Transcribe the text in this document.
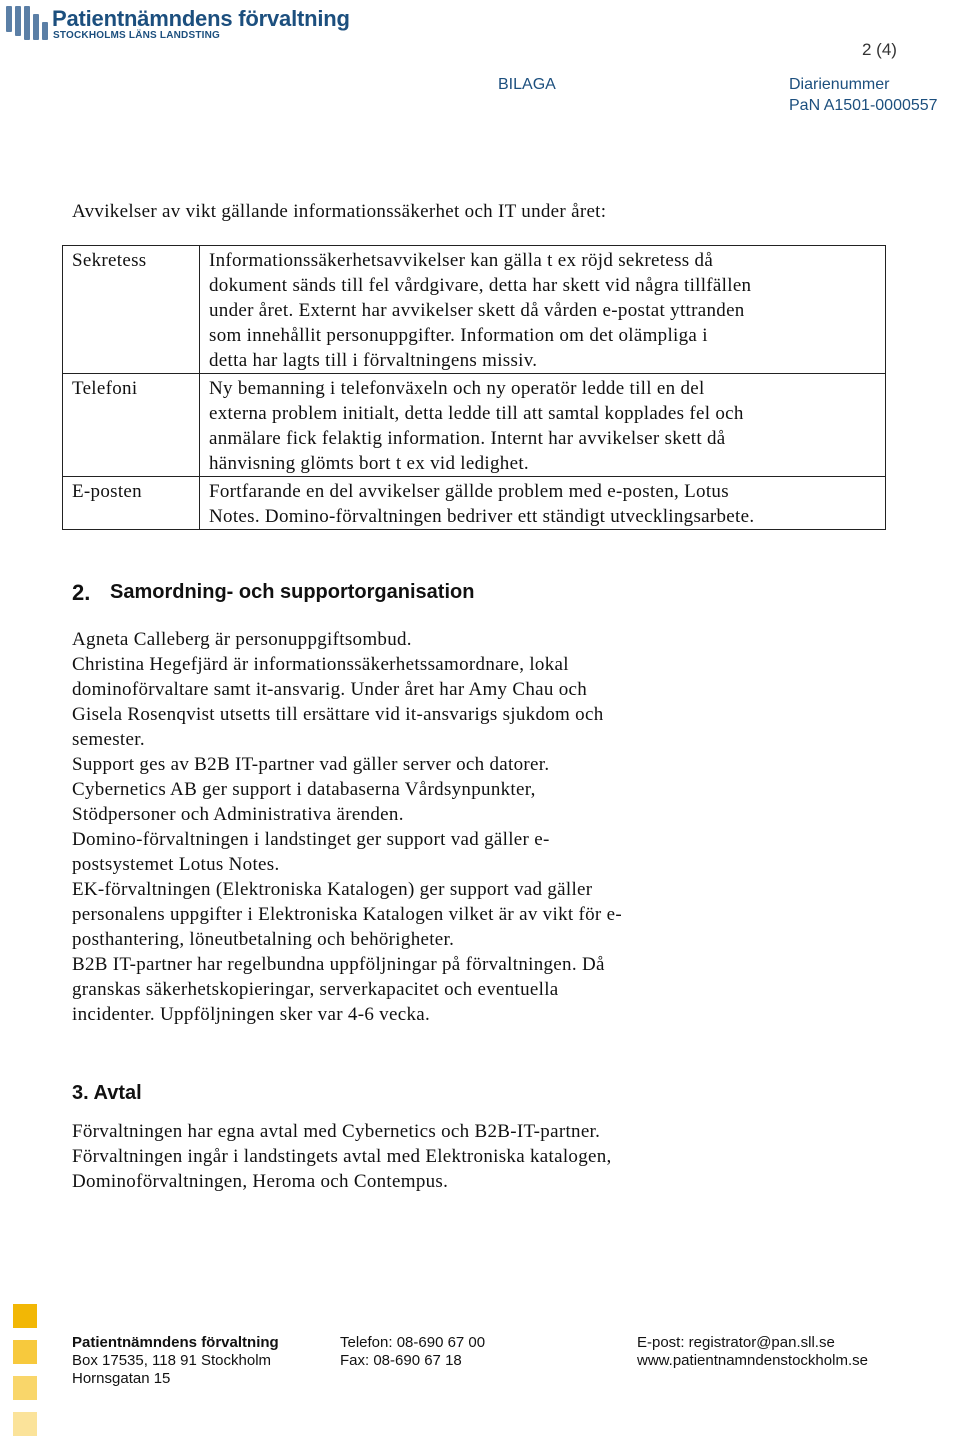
Patientnämndens förvaltning
STOCKHOLMS LÄNS LANDSTING
2 (4)
BILAGA	Diarienummer
PaN A1501-0000557
Avvikelser av vikt gällande informationssäkerhet och IT under året:
Sekretess	Informationssäkerhetsavvikelser kan gälla t ex röjd sekretess då
dokument sänds till fel vårdgivare, detta har skett vid några tillfällen
under året. Externt har avvikelser skett då vården e-postat yttranden
som innehållit personuppgifter. Information om det olämpliga i
detta har lagts till i förvaltningens missiv.

Telefoni	Ny bemanning i telefonväxeln och ny operatör ledde till en del
externa problem initialt, detta ledde till att samtal kopplades fel och
anmälare fick felaktig information. Internt har avvikelser skett då
hänvisning glömts bort t ex vid ledighet.

E-posten	Fortfarande en del avvikelser gällde problem med e-posten, Lotus
Notes. Domino-förvaltningen bedriver ett ständigt utvecklingsarbete.
2. Samordning- och supportorganisation
Agneta Calleberg är personuppgiftsombud.
Christina Hegefjärd är informationssäkerhetssamordnare, lokal
dominoförvaltare samt it-ansvarig. Under året har Amy Chau och
Gisela Rosenqvist utsetts till ersättare vid it-ansvarigs sjukdom och
semester.
Support ges av B2B IT-partner vad gäller server och datorer.
Cybernetics AB ger support i databaserna Vårdsynpunkter,
Stödpersoner och Administrativa ärenden.
Domino-förvaltningen i landstinget ger support vad gäller e-
postsystemet Lotus Notes.
EK-förvaltningen (Elektroniska Katalogen) ger support vad gäller
personalens uppgifter i Elektroniska Katalogen vilket är av vikt för e-
posthantering, löneutbetalning och behörigheter.
B2B IT-partner har regelbundna uppföljningar på förvaltningen. Då
granskas säkerhetskopieringar, serverkapacitet och eventuella
incidenter. Uppföljningen sker var 4-6 vecka.
3. Avtal
Förvaltningen har egna avtal med Cybernetics och B2B-IT-partner.
Förvaltningen ingår i landstingets avtal med Elektroniska katalogen,
Dominoförvaltningen, Heroma och Contempus.
Patientnämndens förvaltning
Box 17535, 118 91 Stockholm
Hornsgatan 15
Telefon: 08-690 67 00
Fax: 08-690 67 18
E-post: registrator@pan.sll.se
www.patientnamndenstockholm.se
